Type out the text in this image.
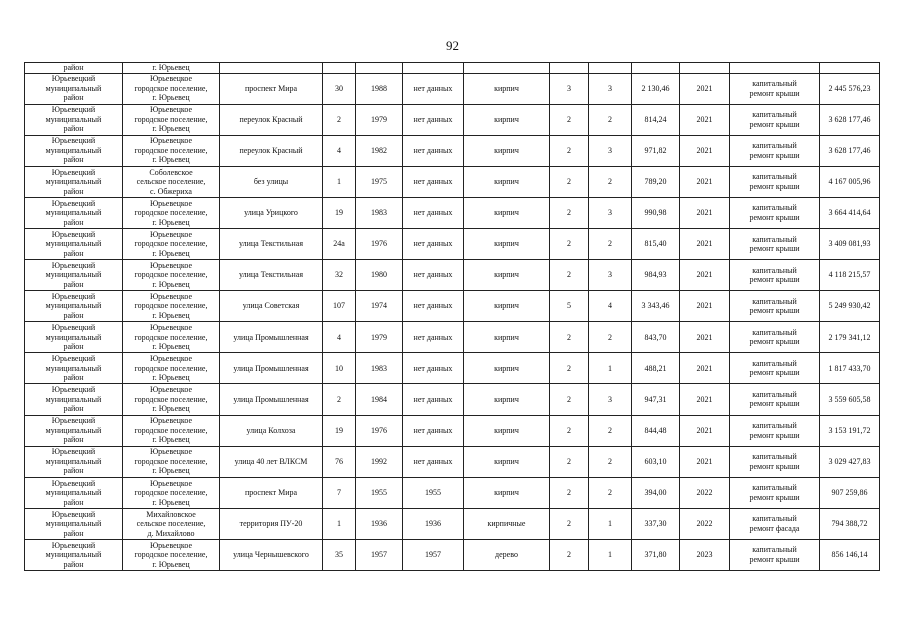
92
район	г. Юрьевец											
Юрьевецкий
муниципальный
район	Юрьевецкое
городское поселение,
г. Юрьевец	проспект Мира	30	1988	нет данных	кирпич	3	3	2 130,46	2021	капитальный
ремонт крыши	2 445 576,23
Юрьевецкий
муниципальный
район	Юрьевецкое
городское поселение,
г. Юрьевец	переулок Красный	2	1979	нет данных	кирпич	2	2	814,24	2021	капитальный
ремонт крыши	3 628 177,46
Юрьевецкий
муниципальный
район	Юрьевецкое
городское поселение,
г. Юрьевец	переулок Красный	4	1982	нет данных	кирпич	2	3	971,82	2021	капитальный
ремонт крыши	3 628 177,46
Юрьевецкий
муниципальный
район	Соболевское
сельское поселение,
с. Обжериха	без улицы	1	1975	нет данных	кирпич	2	2	789,20	2021	капитальный
ремонт крыши	4 167 005,96
Юрьевецкий
муниципальный
район	Юрьевецкое
городское поселение,
г. Юрьевец	улица Урицкого	19	1983	нет данных	кирпич	2	3	990,98	2021	капитальный
ремонт крыши	3 664 414,64
Юрьевецкий
муниципальный
район	Юрьевецкое
городское поселение,
г. Юрьевец	улица Текстильная	24а	1976	нет данных	кирпич	2	2	815,40	2021	капитальный
ремонт крыши	3 409 081,93
Юрьевецкий
муниципальный
район	Юрьевецкое
городское поселение,
г. Юрьевец	улица Текстильная	32	1980	нет данных	кирпич	2	3	984,93	2021	капитальный
ремонт крыши	4 118 215,57
Юрьевецкий
муниципальный
район	Юрьевецкое
городское поселение,
г. Юрьевец	улица Советская	107	1974	нет данных	кирпич	5	4	3 343,46	2021	капитальный
ремонт крыши	5 249 930,42
Юрьевецкий
муниципальный
район	Юрьевецкое
городское поселение,
г. Юрьевец	улица Промышленная	4	1979	нет данных	кирпич	2	2	843,70	2021	капитальный
ремонт крыши	2 179 341,12
Юрьевецкий
муниципальный
район	Юрьевецкое
городское поселение,
г. Юрьевец	улица Промышленная	10	1983	нет данных	кирпич	2	1	488,21	2021	капитальный
ремонт крыши	1 817 433,70
Юрьевецкий
муниципальный
район	Юрьевецкое
городское поселение,
г. Юрьевец	улица Промышленная	2	1984	нет данных	кирпич	2	3	947,31	2021	капитальный
ремонт крыши	3 559 605,58
Юрьевецкий
муниципальный
район	Юрьевецкое
городское поселение,
г. Юрьевец	улица Колхоза	19	1976	нет данных	кирпич	2	2	844,48	2021	капитальный
ремонт крыши	3 153 191,72
Юрьевецкий
муниципальный
район	Юрьевецкое
городское поселение,
г. Юрьевец	улица 40 лет ВЛКСМ	76	1992	нет данных	кирпич	2	2	603,10	2021	капитальный
ремонт крыши	3 029 427,83
Юрьевецкий
муниципальный
район	Юрьевецкое
городское поселение,
г. Юрьевец	проспект Мира	7	1955	1955	кирпич	2	2	394,00	2022	капитальный
ремонт крыши	907 259,86
Юрьевецкий
муниципальный
район	Михайловское
сельское поселение,
д. Михайлово	территория ПУ-20	1	1936	1936	кирпичные	2	1	337,30	2022	капитальный
ремонт фасада	794 388,72
Юрьевецкий
муниципальный
район	Юрьевецкое
городское поселение,
г. Юрьевец	улица Чернышевского	35	1957	1957	дерево	2	1	371,80	2023	капитальный
ремонт крыши	856 146,14
